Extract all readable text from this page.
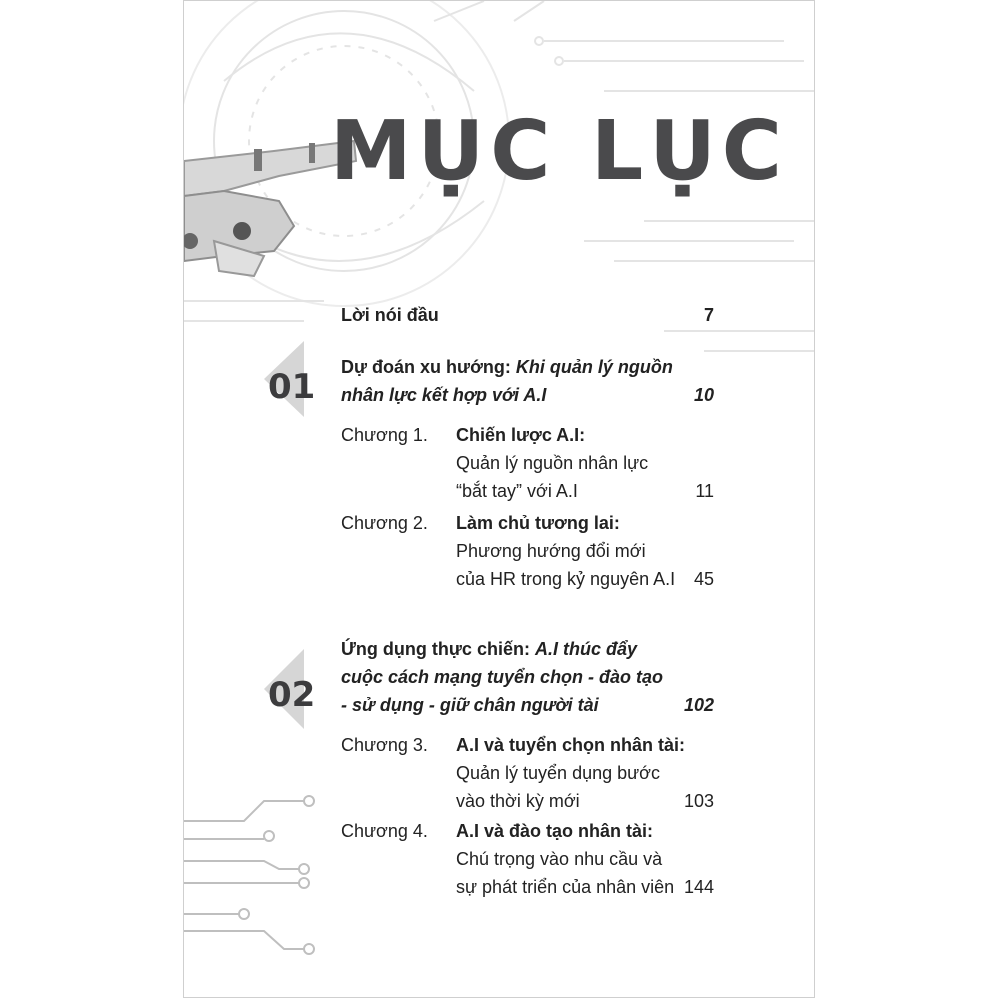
MỤC LỤC
Lời nói đầu	7
01 Dự đoán xu hướng: Khi quản lý nguồn
nhân lực kết hợp với A.I	10
Chương 1. Chiến lược A.I:
Quản lý nguồn nhân lực
“bắt tay” với A.I	11
Chương 2. Làm chủ tương lai:
Phương hướng đổi mới
của HR trong kỷ nguyên A.I 45
02
Ứng dụng thực chiến: A.I thúc đẩy
cuộc cách mạng tuyển chọn - đào tạo
- sử dụng - giữ chân người tài	102
Chương 3. A.I và tuyển chọn nhân tài:
Quản lý tuyển dụng bước
vào thời kỳ mới	103
Chương 4. A.I và đào tạo nhân tài:
Chú trọng vào nhu cầu và
sự phát triển của nhân viên 144
